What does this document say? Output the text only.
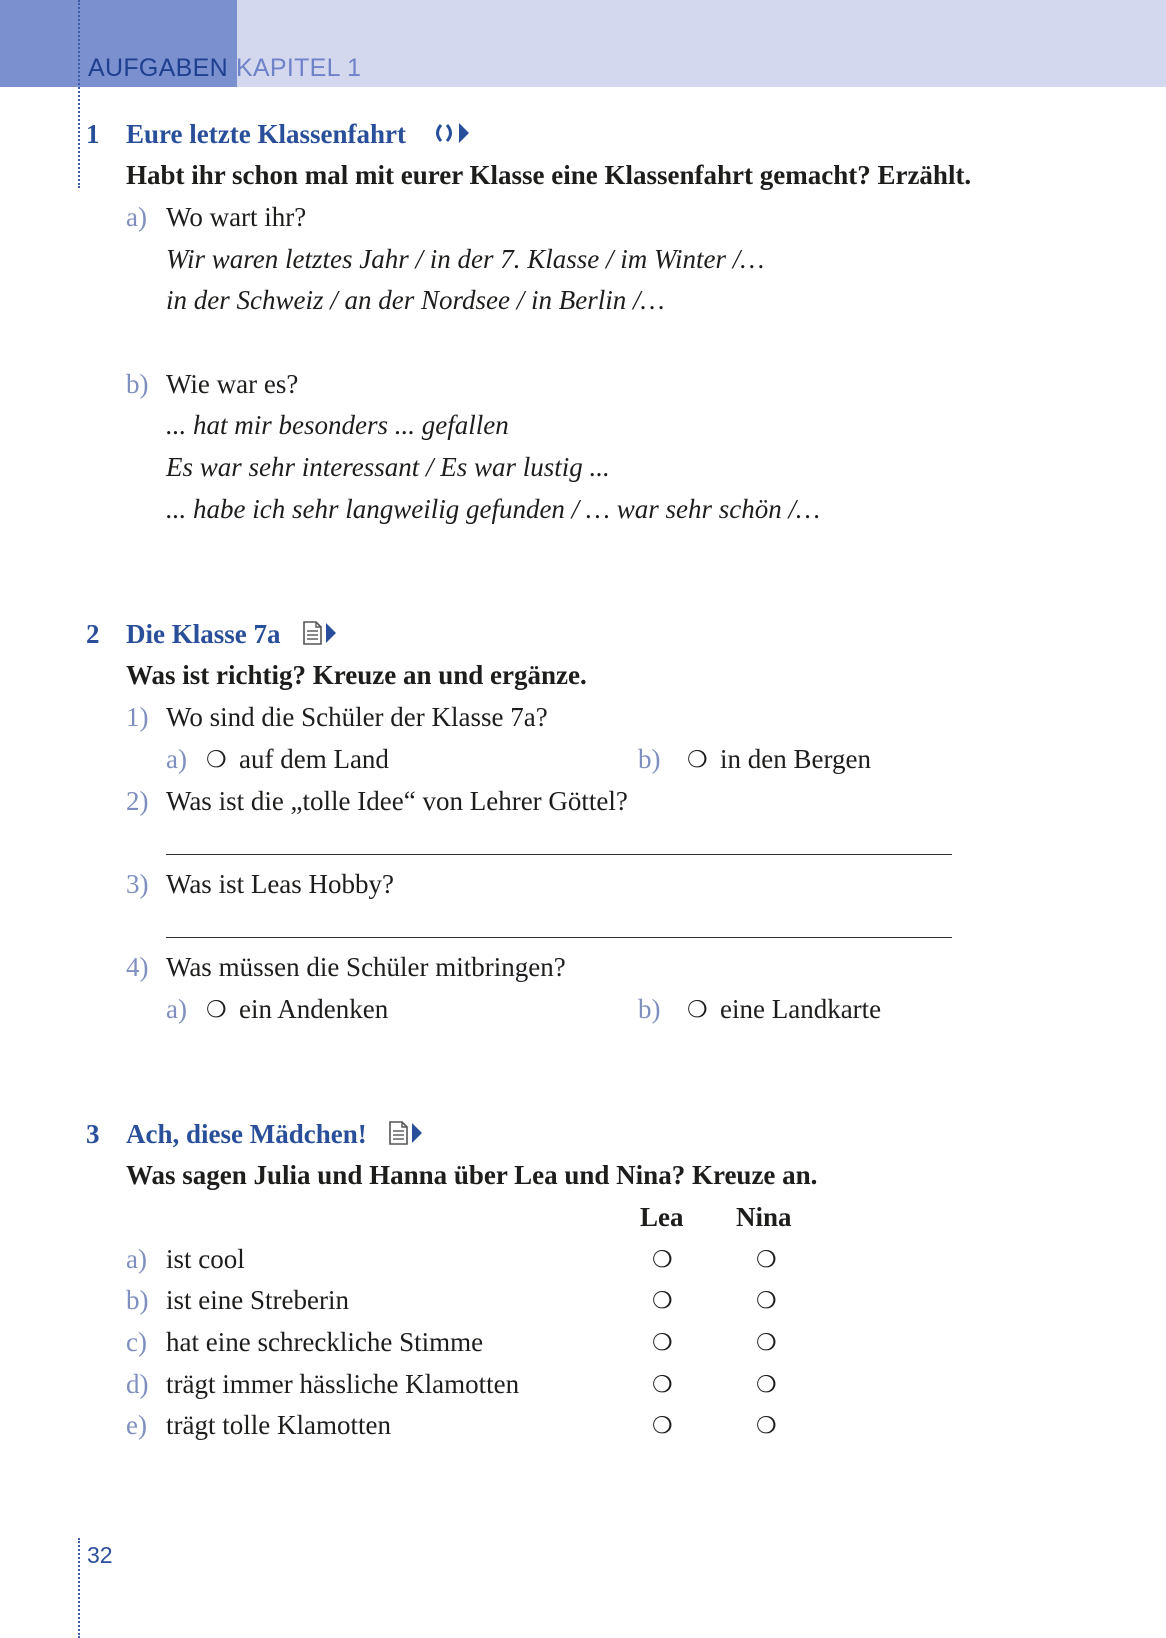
AUFGABEN KAPITEL 1
1 Eure letzte Klassenfahrt
Habt ihr schon mal mit eurer Klasse eine Klassenfahrt gemacht? Erzählt.
a) Wo wart ihr?
Wir waren letztes Jahr / in der 7. Klasse / im Winter /…
in der Schweiz / an der Nordsee / in Berlin /…
b) Wie war es?
... hat mir besonders ... gefallen
Es war sehr interessant / Es war lustig ...
... habe ich sehr langweilig gefunden / … war sehr schön /…
2 Die Klasse 7a
Was ist richtig? Kreuze an und ergänze.
1) Wo sind die Schüler der Klasse 7a?
a) ❍ auf dem Land	b) ❍ in den Bergen
2) Was ist die „tolle Idee“ von Lehrer Göttel?
3) Was ist Leas Hobby?
4) Was müssen die Schüler mitbringen?
a) ❍ ein Andenken	b) ❍ eine Landkarte
3 Ach, diese Mädchen!
Was sagen Julia und Hanna über Lea und Nina? Kreuze an.
Lea Nina
a) ist cool	❍	❍
b) ist eine Streberin	❍	❍
c) hat eine schreckliche Stimme	❍	❍
d) trägt immer hässliche Klamotten	❍	❍
e) trägt tolle Klamotten	❍	❍
32
